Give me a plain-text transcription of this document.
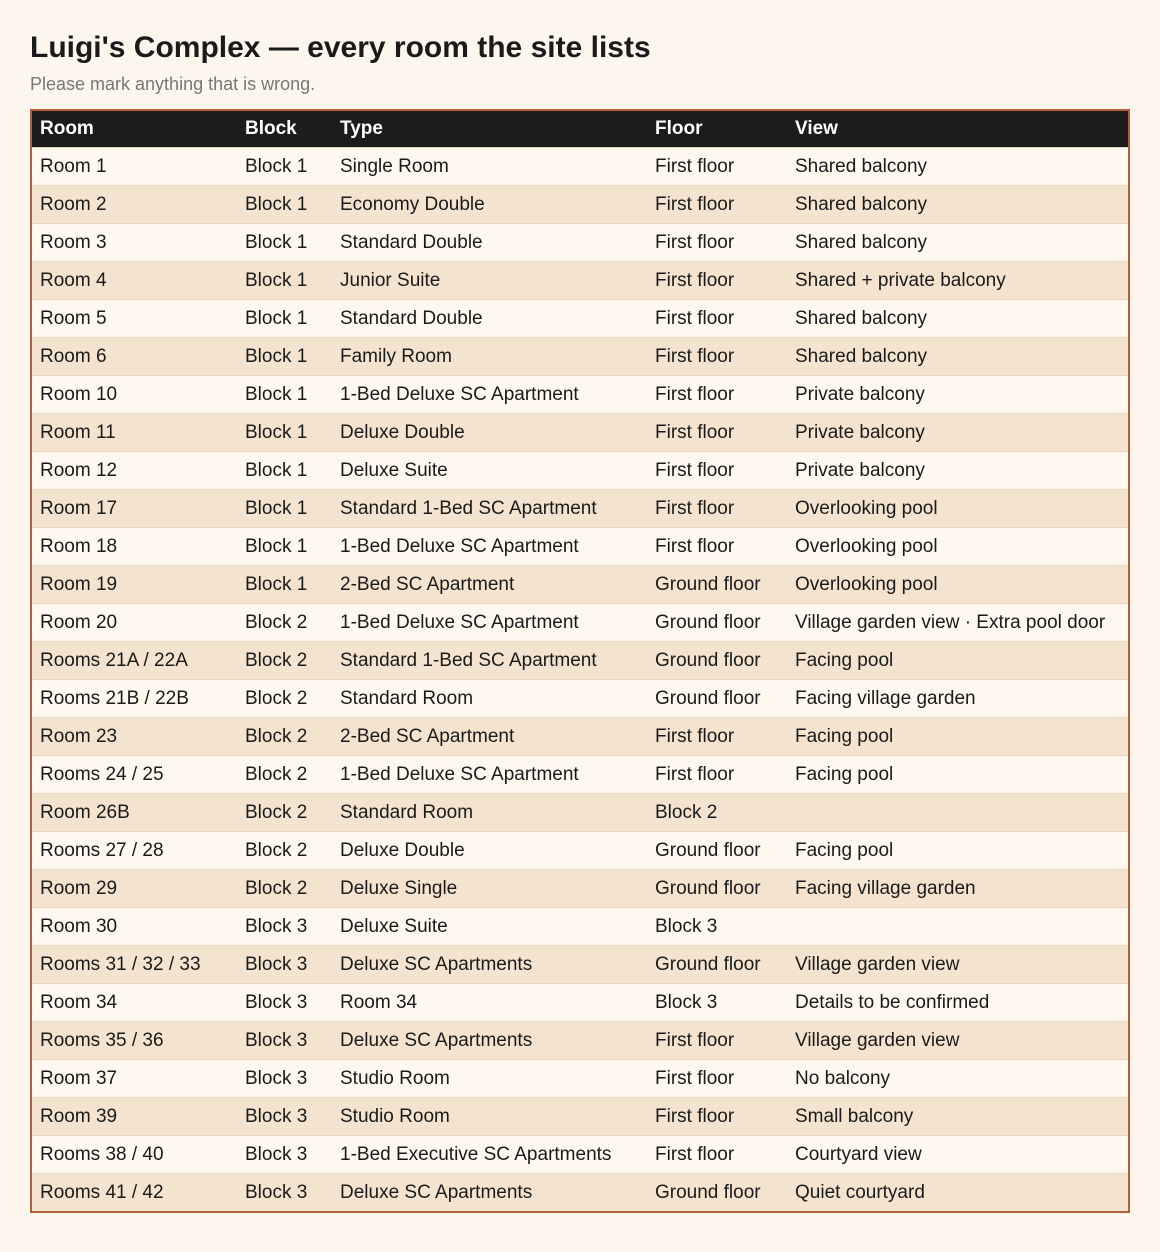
Luigi's Complex — every room the site lists
Please mark anything that is wrong.
Room	Block	Type	Floor	View
Room 1	Block 1	Single Room	First floor	Shared balcony
Room 2	Block 1	Economy Double	First floor	Shared balcony
Room 3	Block 1	Standard Double	First floor	Shared balcony
Room 4	Block 1	Junior Suite	First floor	Shared + private balcony
Room 5	Block 1	Standard Double	First floor	Shared balcony
Room 6	Block 1	Family Room	First floor	Shared balcony
Room 10	Block 1	1-Bed Deluxe SC Apartment	First floor	Private balcony
Room 11	Block 1	Deluxe Double	First floor	Private balcony
Room 12	Block 1	Deluxe Suite	First floor	Private balcony
Room 17	Block 1	Standard 1-Bed SC Apartment	First floor	Overlooking pool
Room 18	Block 1	1-Bed Deluxe SC Apartment	First floor	Overlooking pool
Room 19	Block 1	2-Bed SC Apartment	Ground floor	Overlooking pool
Room 20	Block 2	1-Bed Deluxe SC Apartment	Ground floor	Village garden view · Extra pool door
Rooms 21A / 22A	Block 2	Standard 1-Bed SC Apartment	Ground floor	Facing pool
Rooms 21B / 22B	Block 2	Standard Room	Ground floor	Facing village garden
Room 23	Block 2	2-Bed SC Apartment	First floor	Facing pool
Rooms 24 / 25	Block 2	1-Bed Deluxe SC Apartment	First floor	Facing pool
Room 26B	Block 2	Standard Room	Block 2	
Rooms 27 / 28	Block 2	Deluxe Double	Ground floor	Facing pool
Room 29	Block 2	Deluxe Single	Ground floor	Facing village garden
Room 30	Block 3	Deluxe Suite	Block 3	
Rooms 31 / 32 / 33	Block 3	Deluxe SC Apartments	Ground floor	Village garden view
Room 34	Block 3	Room 34	Block 3	Details to be confirmed
Rooms 35 / 36	Block 3	Deluxe SC Apartments	First floor	Village garden view
Room 37	Block 3	Studio Room	First floor	No balcony
Room 39	Block 3	Studio Room	First floor	Small balcony
Rooms 38 / 40	Block 3	1-Bed Executive SC Apartments	First floor	Courtyard view
Rooms 41 / 42	Block 3	Deluxe SC Apartments	Ground floor	Quiet courtyard
